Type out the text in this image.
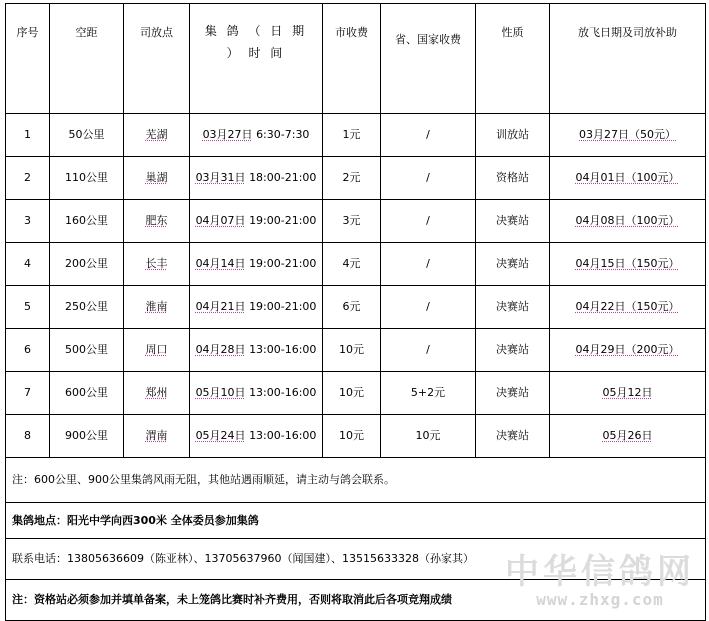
序号	空距	司放点	集 鸽 （ 日 期 ） 时 间	市收费	省、国家收费	性质	放飞日期及司放补助
1	50公里	芜湖	03月27日 6:30-7:30	1元	/	训放站	03月27日（50元）
2	110公里	巢湖	03月31日 18:00-21:00	2元	/	资格站	04月01日（100元）
3	160公里	肥东	04月07日 19:00-21:00	3元	/	决赛站	04月08日（100元）
4	200公里	长丰	04月14日 19:00-21:00	4元	/	决赛站	04月15日（150元）
5	250公里	淮南	04月21日 19:00-21:00	6元	/	决赛站	04月22日（150元）
6	500公里	周口	04月28日 13:00-16:00	10元	/	决赛站	04月29日（200元）
7	600公里	郑州	05月10日 13:00-16:00	10元	5+2元	决赛站	05月12日
8	900公里	渭南	05月24日 13:00-16:00	10元	10元	决赛站	05月26日
注：600公里、900公里集鸽风雨无阻，其他站遇雨顺延，请主动与鸽会联系。							
集鸽地点：阳光中学向西300米 全体委员参加集鸽							
联系电话：13805636609（陈亚林）、13705637960（闻国建）、13515633328（孙家其）							
注：资格站必须参加并填单备案，未上笼鸽比赛时补齐费用，否则将取消此后各项竞翔成绩							
中华信鸽网
www.zhxg.com
